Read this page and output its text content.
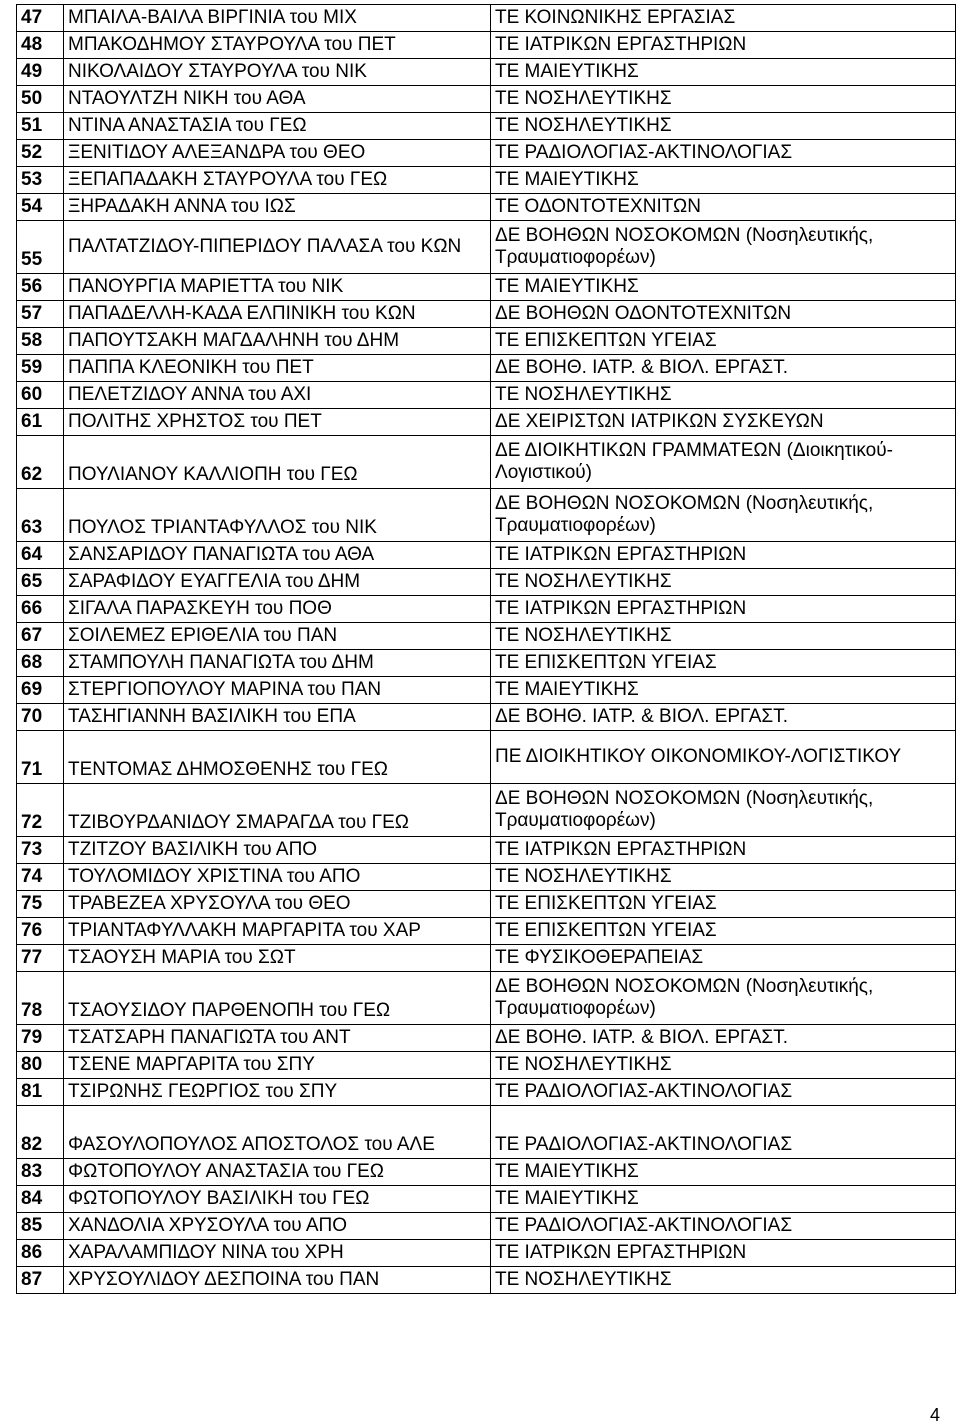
47	ΜΠΑΙΛΑ-ΒΑΙΛΑ ΒΙΡΓΙΝΙΑ του ΜΙΧ	ΤΕ ΚΟΙΝΩΝΙΚΗΣ ΕΡΓΑΣΙΑΣ
48	ΜΠΑΚΟΔΗΜΟΥ ΣΤΑΥΡΟΥΛΑ του ΠΕΤ	ΤΕ ΙΑΤΡΙΚΩΝ ΕΡΓΑΣΤΗΡΙΩΝ
49	ΝΙΚΟΛΑΙΔΟΥ ΣΤΑΥΡΟΥΛΑ του ΝΙΚ	ΤΕ ΜΑΙΕΥΤΙΚΗΣ
50	ΝΤΑΟΥΛΤΖΗ ΝΙΚΗ του ΑΘΑ	ΤΕ ΝΟΣΗΛΕΥΤΙΚΗΣ
51	ΝΤΙΝΑ ΑΝΑΣΤΑΣΙΑ του ΓΕΩ	ΤΕ ΝΟΣΗΛΕΥΤΙΚΗΣ
52	ΞΕΝΙΤΙΔΟΥ ΑΛΕΞΑΝΔΡΑ του ΘΕΟ	ΤΕ ΡΑΔΙΟΛΟΓΙΑΣ-ΑΚΤΙΝΟΛΟΓΙΑΣ
53	ΞΕΠΑΠΑΔΑΚΗ ΣΤΑΥΡΟΥΛΑ του ΓΕΩ	ΤΕ ΜΑΙΕΥΤΙΚΗΣ
54	ΞΗΡΑΔΑΚΗ ΑΝΝΑ του ΙΩΣ	ΤΕ ΟΔΟΝΤΟΤΕΧΝΙΤΩΝ
55	ΠΑΛΤΑΤΖΙΔΟΥ-ΠΙΠΕΡΙΔΟΥ ΠΑΛΑΣΑ του ΚΩΝ	ΔΕ ΒΟΗΘΩΝ ΝΟΣΟΚΟΜΩΝ (Νοσηλευτικής, Τραυματιοφορέων)
56	ΠΑΝΟΥΡΓΙΑ ΜΑΡΙΕΤΤΑ του ΝΙΚ	ΤΕ ΜΑΙΕΥΤΙΚΗΣ
57	ΠΑΠΑΔΕΛΛΗ-ΚΑΔΑ ΕΛΠΙΝΙΚΗ του ΚΩΝ	ΔΕ ΒΟΗΘΩΝ ΟΔΟΝΤΟΤΕΧΝΙΤΩΝ
58	ΠΑΠΟΥΤΣΑΚΗ ΜΑΓΔΑΛΗΝΗ του ΔΗΜ	ΤΕ ΕΠΙΣΚΕΠΤΩΝ ΥΓΕΙΑΣ
59	ΠΑΠΠΑ ΚΛΕΟΝΙΚΗ του ΠΕΤ	ΔΕ ΒΟΗΘ. ΙΑΤΡ. & ΒΙΟΛ. ΕΡΓΑΣΤ.
60	ΠΕΛΕΤΖΙΔΟΥ ΑΝΝΑ του ΑΧΙ	ΤΕ ΝΟΣΗΛΕΥΤΙΚΗΣ
61	ΠΟΛΙΤΗΣ ΧΡΗΣΤΟΣ του ΠΕΤ	ΔΕ ΧΕΙΡΙΣΤΩΝ ΙΑΤΡΙΚΩΝ ΣΥΣΚΕΥΩΝ
62	ΠΟΥΛΙΑΝΟΥ ΚΑΛΛΙΟΠΗ του ΓΕΩ	ΔΕ ΔΙΟΙΚΗΤΙΚΩΝ ΓΡΑΜΜΑΤΕΩΝ (Διοικητικού-Λογιστικού)
63	ΠΟΥΛΟΣ ΤΡΙΑΝΤΑΦΥΛΛΟΣ του ΝΙΚ	ΔΕ ΒΟΗΘΩΝ ΝΟΣΟΚΟΜΩΝ (Νοσηλευτικής, Τραυματιοφορέων)
64	ΣΑΝΣΑΡΙΔΟΥ ΠΑΝΑΓΙΩΤΑ του ΑΘΑ	ΤΕ ΙΑΤΡΙΚΩΝ ΕΡΓΑΣΤΗΡΙΩΝ
65	ΣΑΡΑΦΙΔΟΥ ΕΥΑΓΓΕΛΙΑ του ΔΗΜ	ΤΕ ΝΟΣΗΛΕΥΤΙΚΗΣ
66	ΣΙΓΑΛΑ ΠΑΡΑΣΚΕΥΗ του ΠΟΘ	ΤΕ ΙΑΤΡΙΚΩΝ ΕΡΓΑΣΤΗΡΙΩΝ
67	ΣΟΙΛΕΜΕΖ ΕΡΙΘΕΛΙΑ του ΠΑΝ	ΤΕ ΝΟΣΗΛΕΥΤΙΚΗΣ
68	ΣΤΑΜΠΟΥΛΗ ΠΑΝΑΓΙΩΤΑ του ΔΗΜ	ΤΕ ΕΠΙΣΚΕΠΤΩΝ ΥΓΕΙΑΣ
69	ΣΤΕΡΓΙΟΠΟΥΛΟΥ ΜΑΡΙΝΑ του ΠΑΝ	ΤΕ ΜΑΙΕΥΤΙΚΗΣ
70	ΤΑΣΗΓΙΑΝΝΗ ΒΑΣΙΛΙΚΗ του ΕΠΑ	ΔΕ ΒΟΗΘ. ΙΑΤΡ. & ΒΙΟΛ. ΕΡΓΑΣΤ.
71	ΤΕΝΤΟΜΑΣ ΔΗΜΟΣΘΕΝΗΣ του ΓΕΩ	ΠΕ ΔΙΟΙΚΗΤΙΚΟΥ ΟΙΚΟΝΟΜΙΚΟΥ-ΛΟΓΙΣΤΙΚΟΥ
72	ΤΖΙΒΟΥΡΔΑΝΙΔΟΥ ΣΜΑΡΑΓΔΑ του ΓΕΩ	ΔΕ ΒΟΗΘΩΝ ΝΟΣΟΚΟΜΩΝ (Νοσηλευτικής, Τραυματιοφορέων)
73	ΤΖΙΤΖΟΥ ΒΑΣΙΛΙΚΗ του ΑΠΟ	ΤΕ ΙΑΤΡΙΚΩΝ ΕΡΓΑΣΤΗΡΙΩΝ
74	ΤΟΥΛΟΜΙΔΟΥ ΧΡΙΣΤΙΝΑ του ΑΠΟ	ΤΕ ΝΟΣΗΛΕΥΤΙΚΗΣ
75	ΤΡΑΒΕΖΕΑ ΧΡΥΣΟΥΛΑ του ΘΕΟ	ΤΕ ΕΠΙΣΚΕΠΤΩΝ ΥΓΕΙΑΣ
76	ΤΡΙΑΝΤΑΦΥΛΛΑΚΗ ΜΑΡΓΑΡΙΤΑ του ΧΑΡ	ΤΕ ΕΠΙΣΚΕΠΤΩΝ ΥΓΕΙΑΣ
77	ΤΣΑΟΥΣΗ ΜΑΡΙΑ του ΣΩΤ	ΤΕ ΦΥΣΙΚΟΘΕΡΑΠΕΙΑΣ
78	ΤΣΑΟΥΣΙΔΟΥ ΠΑΡΘΕΝΟΠΗ του ΓΕΩ	ΔΕ ΒΟΗΘΩΝ ΝΟΣΟΚΟΜΩΝ (Νοσηλευτικής, Τραυματιοφορέων)
79	ΤΣΑΤΣΑΡΗ ΠΑΝΑΓΙΩΤΑ του ΑΝΤ	ΔΕ ΒΟΗΘ. ΙΑΤΡ. & ΒΙΟΛ. ΕΡΓΑΣΤ.
80	ΤΣΕΝΕ ΜΑΡΓΑΡΙΤΑ του ΣΠΥ	ΤΕ ΝΟΣΗΛΕΥΤΙΚΗΣ
81	ΤΣΙΡΩΝΗΣ ΓΕΩΡΓΙΟΣ του ΣΠΥ	ΤΕ ΡΑΔΙΟΛΟΓΙΑΣ-ΑΚΤΙΝΟΛΟΓΙΑΣ
82	ΦΑΣΟΥΛΟΠΟΥΛΟΣ ΑΠΟΣΤΟΛΟΣ του ΑΛΕ	ΤΕ ΡΑΔΙΟΛΟΓΙΑΣ-ΑΚΤΙΝΟΛΟΓΙΑΣ
83	ΦΩΤΟΠΟΥΛΟΥ ΑΝΑΣΤΑΣΙΑ του ΓΕΩ	ΤΕ ΜΑΙΕΥΤΙΚΗΣ
84	ΦΩΤΟΠΟΥΛΟΥ ΒΑΣΙΛΙΚΗ του ΓΕΩ	ΤΕ ΜΑΙΕΥΤΙΚΗΣ
85	ΧΑΝΔΟΛΙΑ ΧΡΥΣΟΥΛΑ του ΑΠΟ	ΤΕ ΡΑΔΙΟΛΟΓΙΑΣ-ΑΚΤΙΝΟΛΟΓΙΑΣ
86	ΧΑΡΑΛΑΜΠΙΔΟΥ ΝΙΝΑ του ΧΡΗ	ΤΕ ΙΑΤΡΙΚΩΝ ΕΡΓΑΣΤΗΡΙΩΝ
87	ΧΡΥΣΟΥΛΙΔΟΥ ΔΕΣΠΟΙΝΑ του ΠΑΝ	ΤΕ ΝΟΣΗΛΕΥΤΙΚΗΣ
4
